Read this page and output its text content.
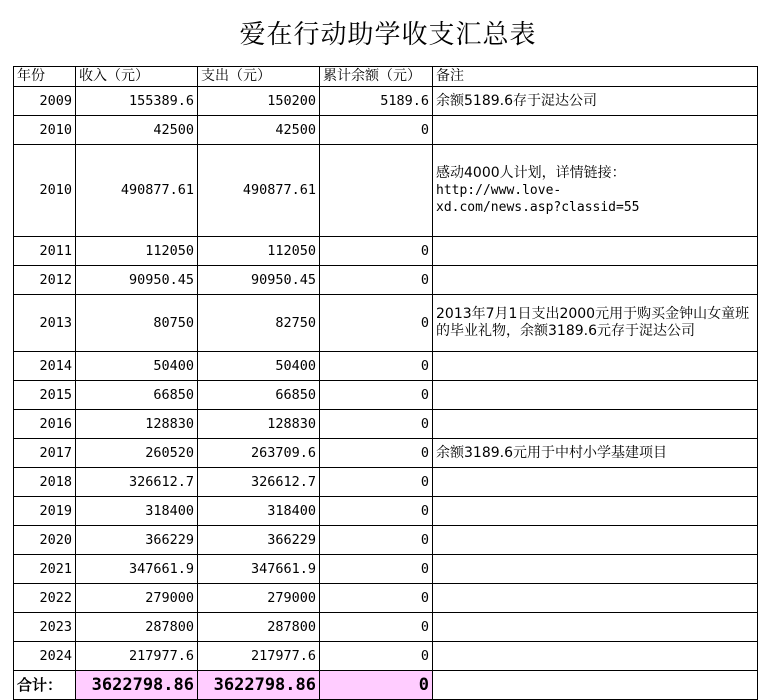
爱在行动助学收支汇总表
年份	收入（元）	支出（元）	累计余额（元）	备注
2009	155389.6	150200	5189.6	余额5189.6存于浞达公司

2010	42500	42500	0	

2010	490877.61	490877.61		感动4000人计划，详情链接：
http://www.love-
xd.com/news.asp?classid=55

2011	112050	112050	0	

2012	90950.45	90950.45	0	

2013	80750	82750	0	2013年7月1日支出2000元用于购买金钟山女童班的毕业礼物，余额3189.6元存于浞达公司

2014	50400	50400	0	

2015	66850	66850	0	

2016	128830	128830	0	

2017	260520	263709.6	0	余额3189.6元用于中村小学基建项目

2018	326612.7	326612.7	0	

2019	318400	318400	0	

2020	366229	366229	0	

2021	347661.9	347661.9	0	

2022	279000	279000	0	

2023	287800	287800	0	

2024	217977.6	217977.6	0	

合计：	3622798.86	3622798.86	0	
